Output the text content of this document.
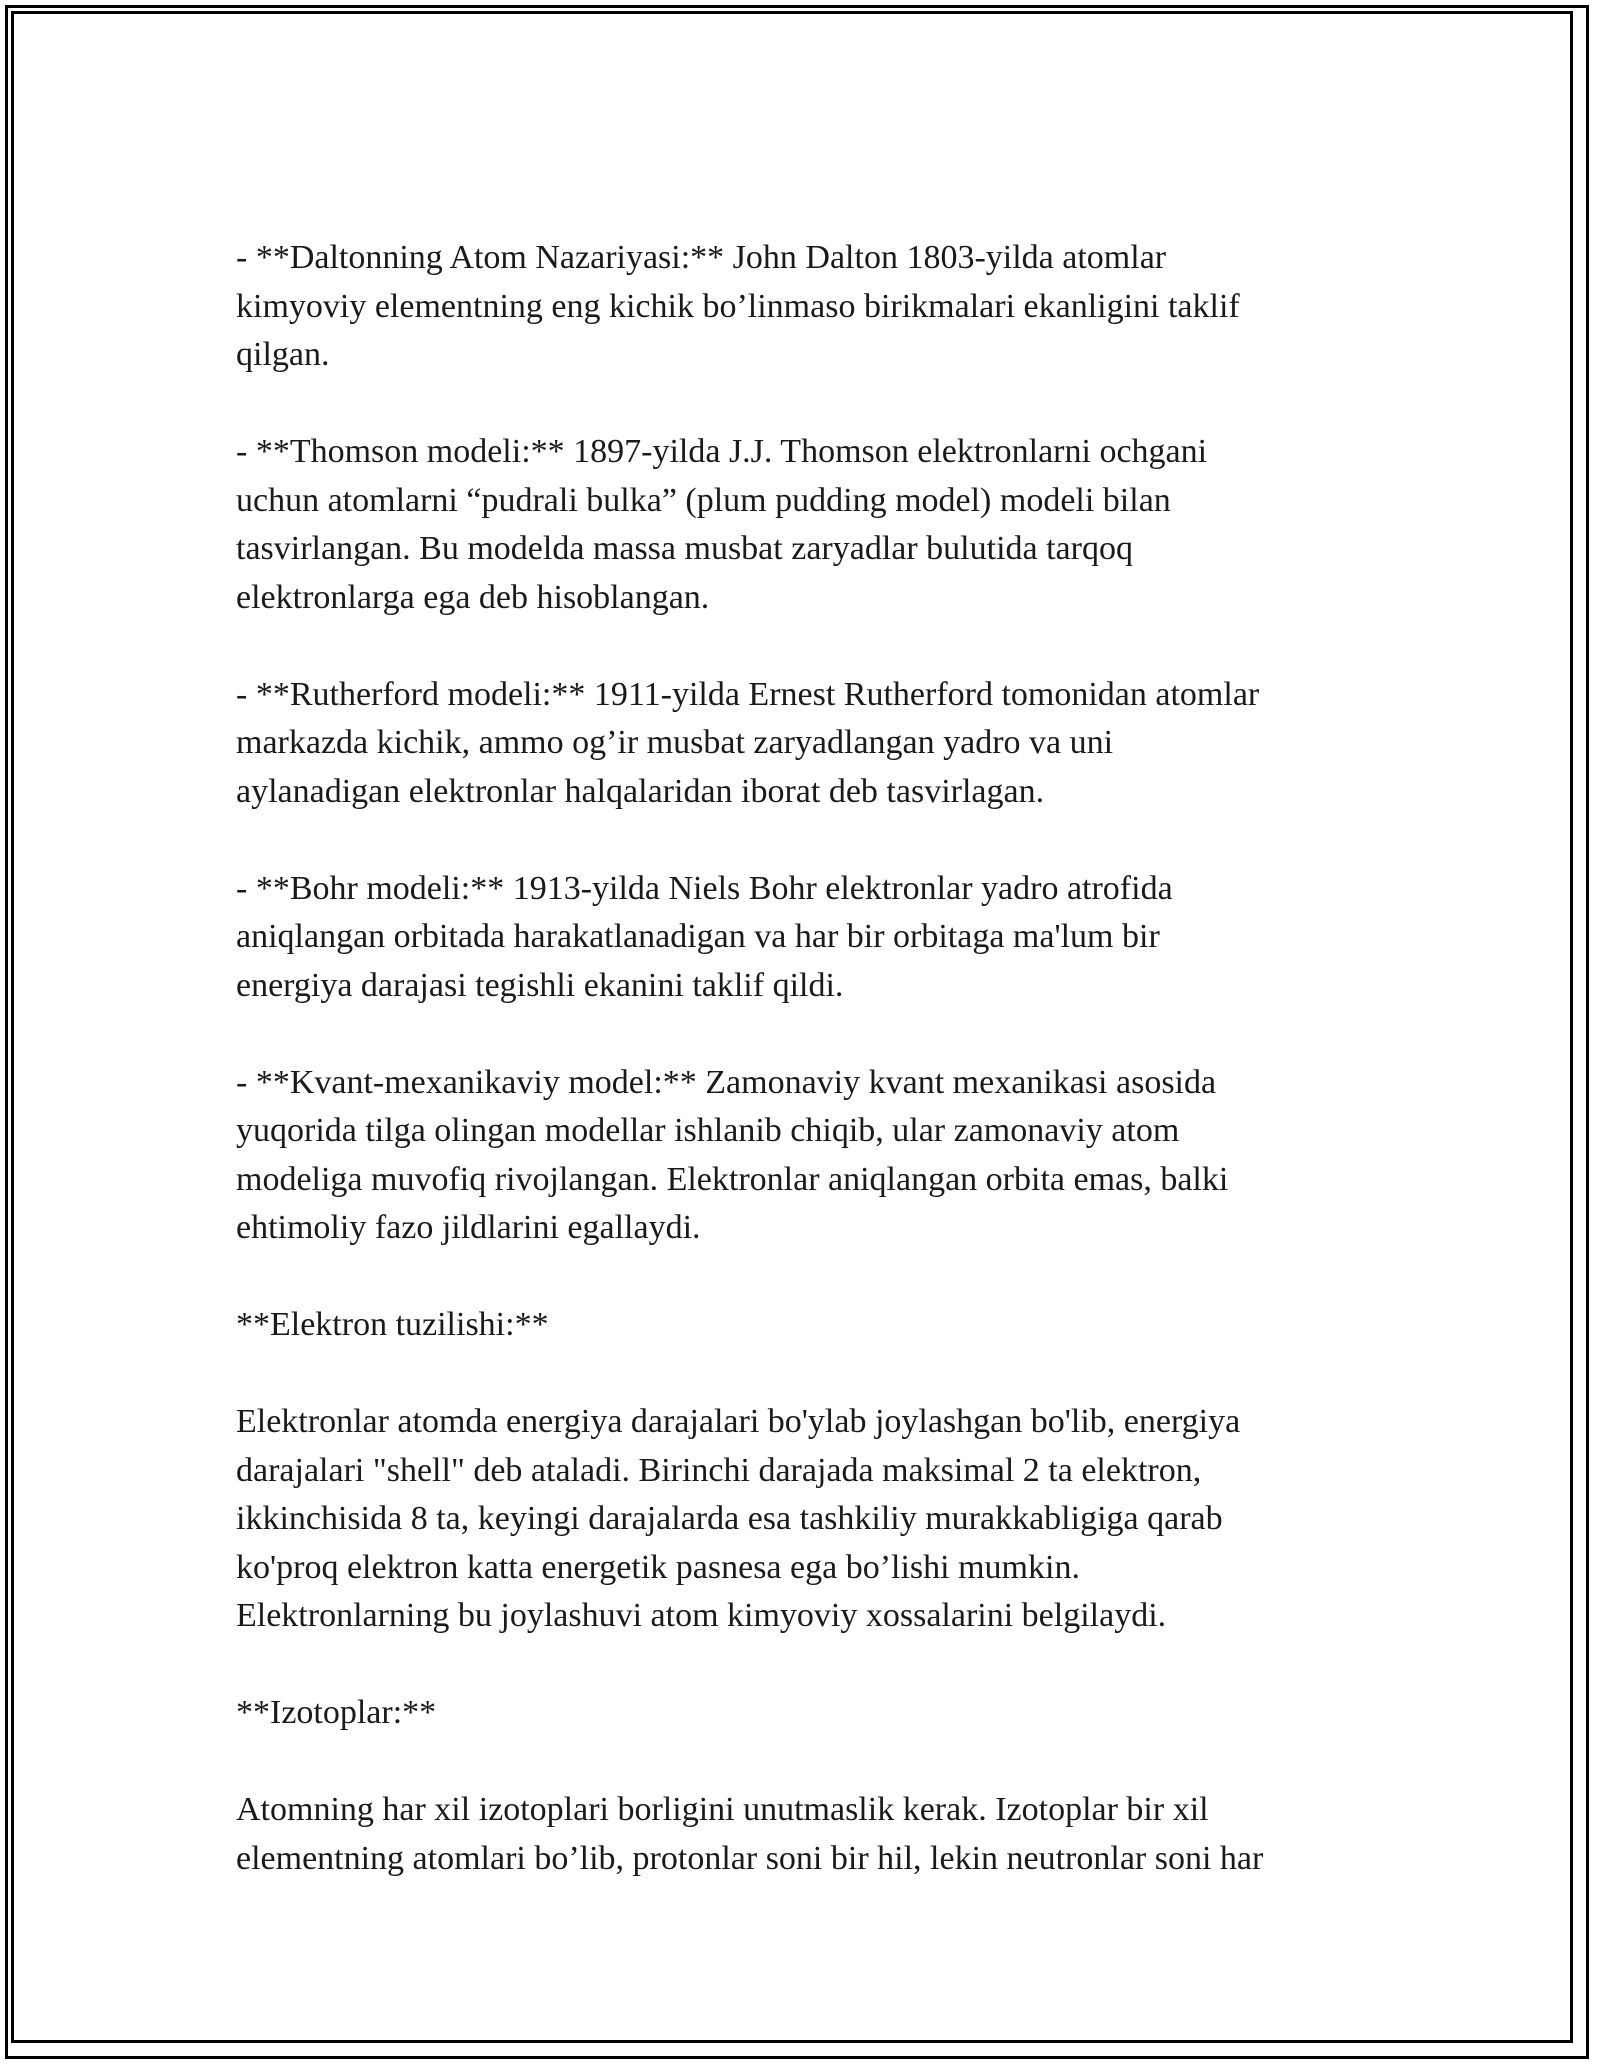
- **Daltonning Atom Nazariyasi:** John Dalton 1803-yilda atomlar
kimyoviy elementning eng kichik bo’linmaso birikmalari ekanligini taklif
qilgan.

- **Thomson modeli:** 1897-yilda J.J. Thomson elektronlarni ochgani
uchun atomlarni “pudrali bulka” (plum pudding model) modeli bilan
tasvirlangan. Bu modelda massa musbat zaryadlar bulutida tarqoq
elektronlarga ega deb hisoblangan.

- **Rutherford modeli:** 1911-yilda Ernest Rutherford tomonidan atomlar
markazda kichik, ammo og’ir musbat zaryadlangan yadro va uni
aylanadigan elektronlar halqalaridan iborat deb tasvirlagan.

- **Bohr modeli:** 1913-yilda Niels Bohr elektronlar yadro atrofida
aniqlangan orbitada harakatlanadigan va har bir orbitaga ma'lum bir
energiya darajasi tegishli ekanini taklif qildi.

- **Kvant-mexanikaviy model:** Zamonaviy kvant mexanikasi asosida
yuqorida tilga olingan modellar ishlanib chiqib, ular zamonaviy atom
modeliga muvofiq rivojlangan. Elektronlar aniqlangan orbita emas, balki
ehtimoliy fazo jildlarini egallaydi.

**Elektron tuzilishi:**

Elektronlar atomda energiya darajalari bo'ylab joylashgan bo'lib, energiya
darajalari "shell" deb ataladi. Birinchi darajada maksimal 2 ta elektron,
ikkinchisida 8 ta, keyingi darajalarda esa tashkiliy murakkabligiga qarab
ko'proq elektron katta energetik pasnesa ega bo’lishi mumkin.
Elektronlarning bu joylashuvi atom kimyoviy xossalarini belgilaydi.

**Izotoplar:**

Atomning har xil izotoplari borligini unutmaslik kerak. Izotoplar bir xil
elementning atomlari bo’lib, protonlar soni bir hil, lekin neutronlar soni har
